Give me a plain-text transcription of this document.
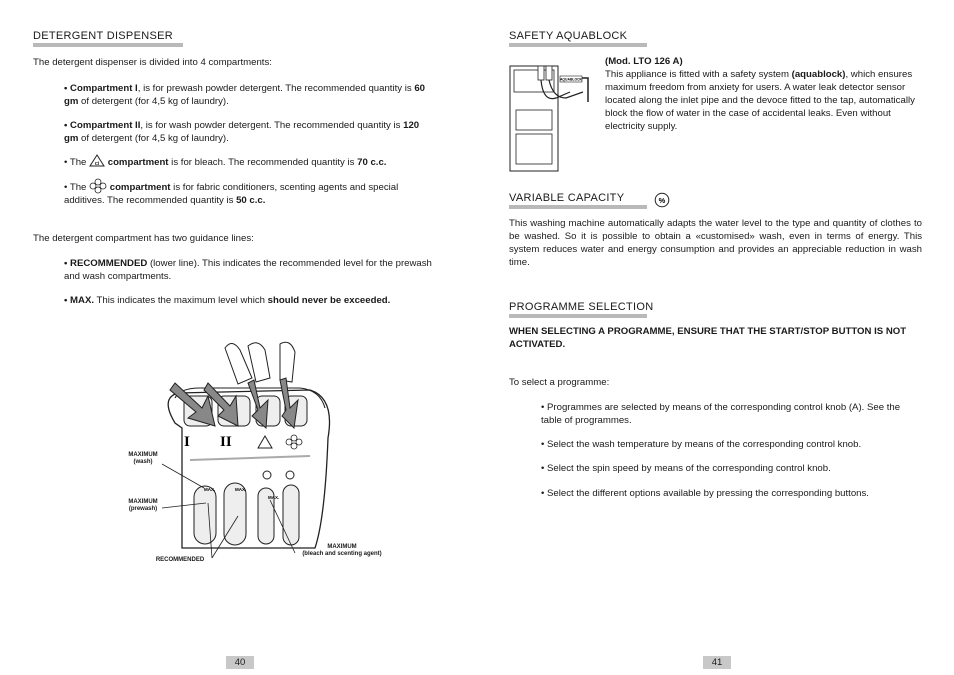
DETERGENT DISPENSER
The detergent dispenser is divided into 4 compartments:
• Compartment I, is for prewash powder detergent. The recommended quantity is 60
gm of detergent (for 4,5 kg of laundry).
• Compartment II, is for wash powder detergent. The recommended quantity is 120
gm of detergent (for 4,5 kg of laundry).
• The Cl compartment is for bleach. The recommended quantity is 70 c.c.
• The compartment is for fabric conditioners, scenting agents and special
additives. The recommended quantity is 50 c.c.
The detergent compartment has two guidance lines:
• RECOMMENDED (lower line). This indicates the recommended level for the prewash
and wash compartments.
• MAX. This indicates the maximum level which should never be exceeded.
I II
MAX.	MAX.
MAX.
MAXIMUM
(wash)
MAXIMUM
(prewash)
RECOMMENDED
MAXIMUM
(bleach and scenting agent)
40
SAFETY AQUABLOCK
AQUABLOCK
(Mod. LTO 126 A)
This appliance is fitted with a safety system (aquablock), which ensures
maximum freedom from anxiety for users. A water leak detector sensor
located along the inlet pipe and the devoce fitted to the tap, automatically
block the flow of water in the case of accidental leaks. Even without
electricity supply.
VARIABLE CAPACITY	%
This washing machine automatically adapts the water level to the type and quantity of clothes to be washed. So it is possible to obtain a «customised» wash, even in terms of energy. This system reduces water and energy consumption and provides an appreciable reduction in wash time.
PROGRAMME SELECTION
WHEN SELECTING A PROGRAMME, ENSURE THAT THE START/STOP BUTTON IS NOT ACTIVATED.
To select a programme:
• Programmes are selected by means of the corresponding control knob (A). See the table of programmes.
• Select the wash temperature by means of the corresponding control knob.
• Select the spin speed by means of the corresponding control knob.
• Select the different options available by pressing the corresponding buttons.
41
